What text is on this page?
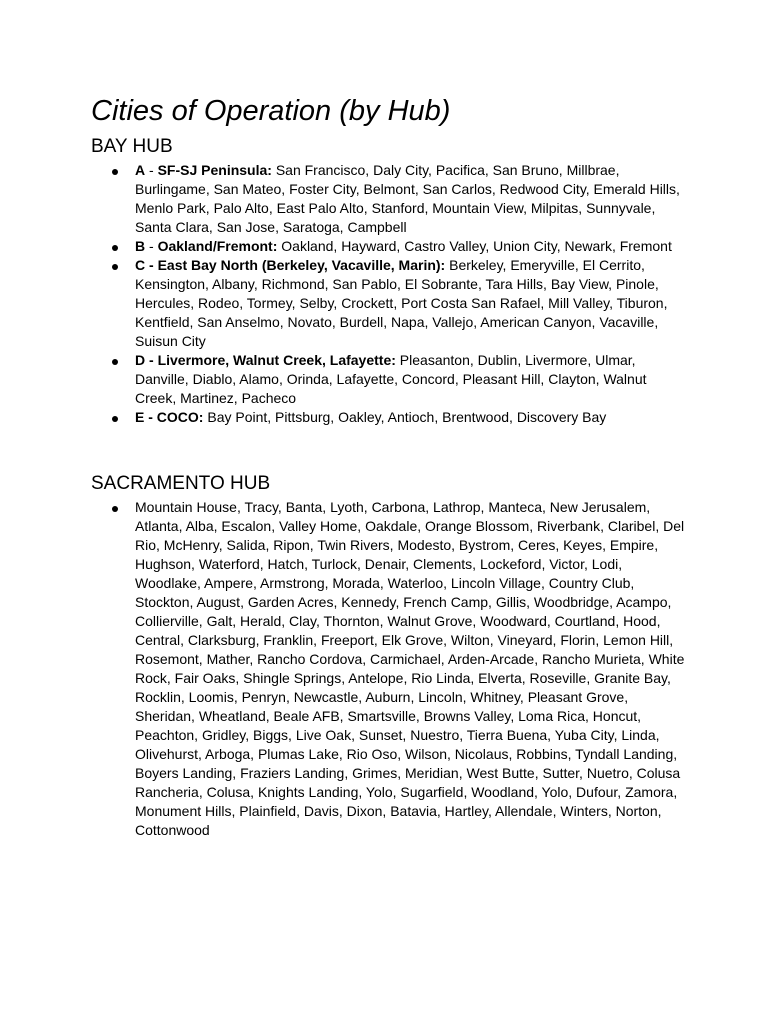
Cities of Operation (by Hub)
BAY HUB
A - SF-SJ Peninsula: San Francisco, Daly City, Pacifica, San Bruno, Millbrae, Burlingame, San Mateo, Foster City, Belmont, San Carlos, Redwood City, Emerald Hills, Menlo Park, Palo Alto, East Palo Alto, Stanford, Mountain View, Milpitas, Sunnyvale, Santa Clara, San Jose, Saratoga, Campbell
B - Oakland/Fremont: Oakland, Hayward, Castro Valley, Union City, Newark, Fremont
C - East Bay North (Berkeley, Vacaville, Marin): Berkeley, Emeryville, El Cerrito, Kensington, Albany, Richmond, San Pablo, El Sobrante, Tara Hills, Bay View, Pinole, Hercules, Rodeo, Tormey, Selby, Crockett, Port Costa San Rafael, Mill Valley, Tiburon, Kentfield, San Anselmo, Novato, Burdell, Napa, Vallejo, American Canyon, Vacaville, Suisun City
D - Livermore, Walnut Creek, Lafayette: Pleasanton, Dublin, Livermore, Ulmar, Danville, Diablo, Alamo, Orinda, Lafayette, Concord, Pleasant Hill, Clayton, Walnut Creek, Martinez, Pacheco
E - COCO: Bay Point, Pittsburg, Oakley, Antioch, Brentwood, Discovery Bay
SACRAMENTO HUB
Mountain House, Tracy, Banta, Lyoth, Carbona, Lathrop, Manteca, New Jerusalem, Atlanta, Alba, Escalon, Valley Home, Oakdale, Orange Blossom, Riverbank, Claribel, Del Rio, McHenry, Salida, Ripon, Twin Rivers, Modesto, Bystrom, Ceres, Keyes, Empire, Hughson, Waterford, Hatch, Turlock, Denair, Clements, Lockeford, Victor, Lodi, Woodlake, Ampere, Armstrong, Morada, Waterloo, Lincoln Village, Country Club, Stockton, August, Garden Acres, Kennedy, French Camp, Gillis, Woodbridge, Acampo, Collierville, Galt, Herald, Clay, Thornton, Walnut Grove, Woodward, Courtland, Hood, Central, Clarksburg, Franklin, Freeport, Elk Grove, Wilton, Vineyard, Florin, Lemon Hill, Rosemont, Mather, Rancho Cordova, Carmichael, Arden-Arcade, Rancho Murieta, White Rock, Fair Oaks, Shingle Springs, Antelope, Rio Linda, Elverta, Roseville, Granite Bay, Rocklin, Loomis, Penryn, Newcastle, Auburn, Lincoln, Whitney, Pleasant Grove, Sheridan, Wheatland, Beale AFB, Smartsville, Browns Valley, Loma Rica, Honcut, Peachton, Gridley, Biggs, Live Oak, Sunset, Nuestro, Tierra Buena, Yuba City, Linda, Olivehurst, Arboga, Plumas Lake, Rio Oso, Wilson, Nicolaus, Robbins, Tyndall Landing, Boyers Landing, Fraziers Landing, Grimes, Meridian, West Butte, Sutter, Nuetro, Colusa Rancheria, Colusa, Knights Landing, Yolo, Sugarfield, Woodland, Yolo, Dufour, Zamora, Monument Hills, Plainfield, Davis, Dixon, Batavia, Hartley, Allendale, Winters, Norton, Cottonwood
